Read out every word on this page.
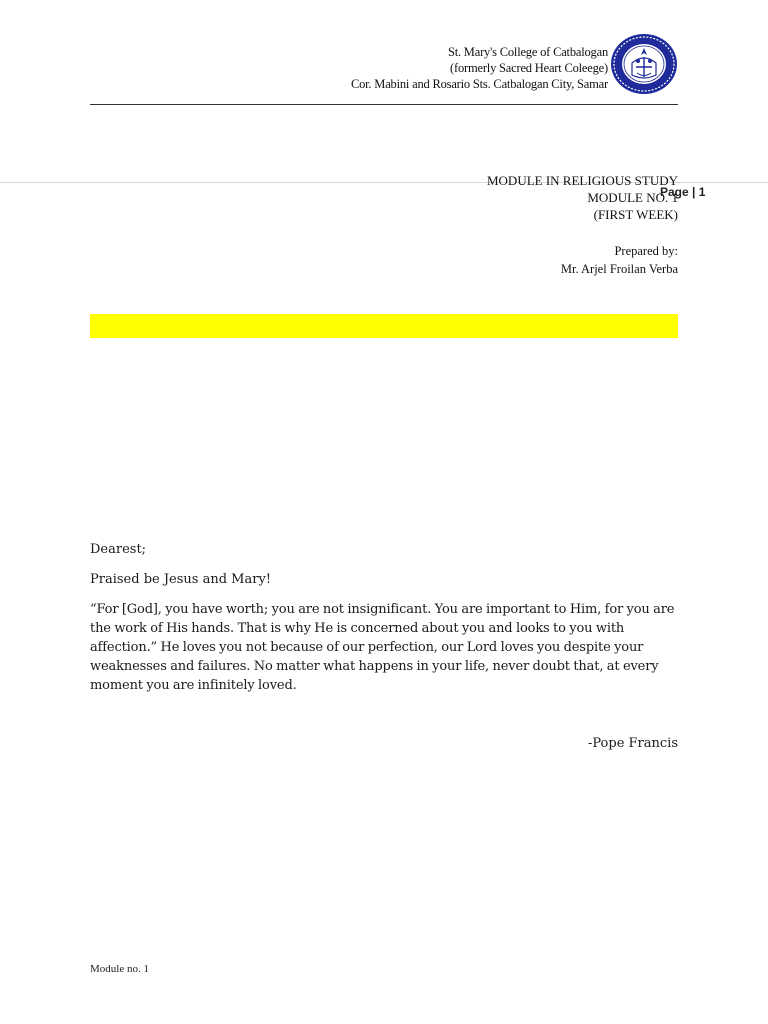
St. Mary's College of Catbalogan
(formerly Sacred Heart Coleege)
Cor. Mabini and Rosario Sts. Catbalogan City, Samar
MODULE IN RELIGIOUS STUDY
MODULE NO. 1
(FIRST WEEK)
Page | 1
Prepared by:
Mr. Arjel Froilan Verba
Dearest;
Praised be Jesus and Mary!
“For [God], you have worth; you are not insignificant. You are important to Him, for you are the work of His hands. That is why He is concerned about you and looks to you with affection.” He loves you not because of our perfection, our Lord loves you despite your weaknesses and failures. No matter what happens in your life, never doubt that, at every moment you are infinitely loved.
-Pope Francis
Module no. 1
